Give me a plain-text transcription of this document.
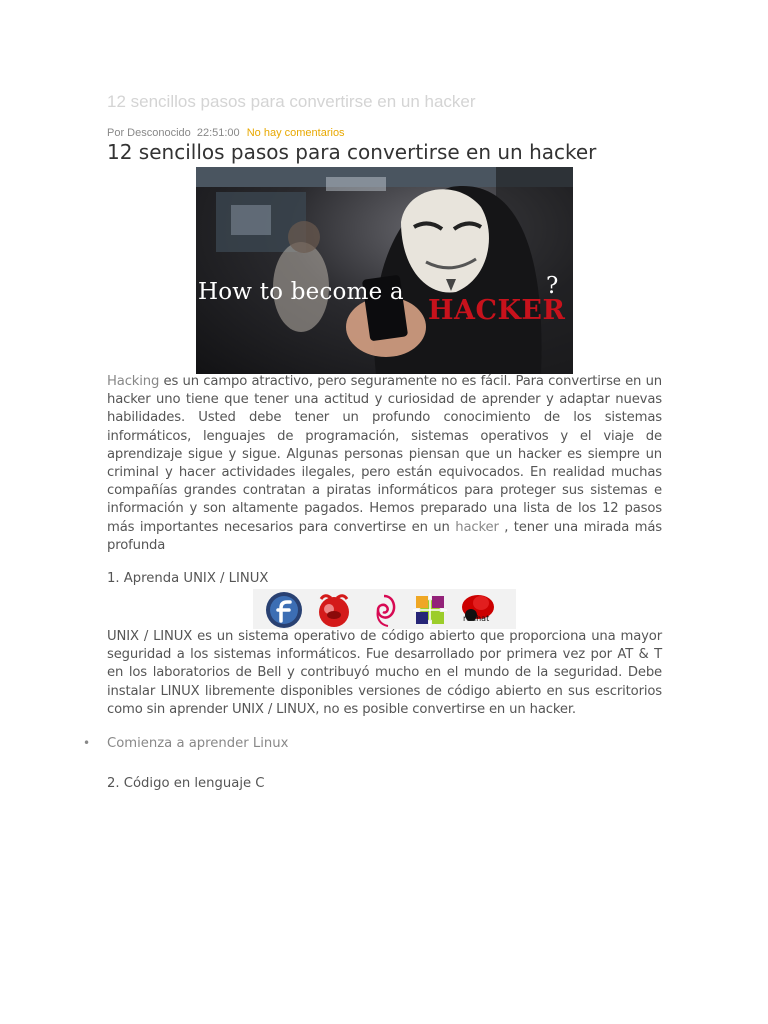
12 sencillos pasos para convertirse en un hacker
Por Desconocido 22:51:00 No hay comentarios
12 sencillos pasos para convertirse en un hacker
How to become a
HACKER
?

Hacking es un campo atractivo, pero seguramente no es fácil. Para convertirse en un hacker uno tiene que tener una actitud y curiosidad de aprender y adaptar nuevas habilidades. Usted debe tener un profundo conocimiento de los sistemas informáticos, lenguajes de programación, sistemas operativos y el viaje de aprendizaje sigue y sigue. Algunas personas piensan que un hacker es siempre un criminal y hacer actividades ilegales, pero están equivocados. En realidad muchas compañías grandes contratan a piratas informáticos para proteger sus sistemas e información y son altamente pagados. Hemos preparado una lista de los 12 pasos más importantes necesarios para convertirse en un hacker , tener una mirada más profunda

1. Aprenda UNIX / LINUX
redhat

UNIX / LINUX es un sistema operativo de código abierto que proporciona una mayor seguridad a los sistemas informáticos. Fue desarrollado por primera vez por AT & T en los laboratorios de Bell y contribuyó mucho en el mundo de la seguridad. Debe instalar LINUX libremente disponibles versiones de código abierto en sus escritorios como sin aprender UNIX / LINUX, no es posible convertirse en un hacker.

• Comienza a aprender Linux
2. Código en lenguaje C
